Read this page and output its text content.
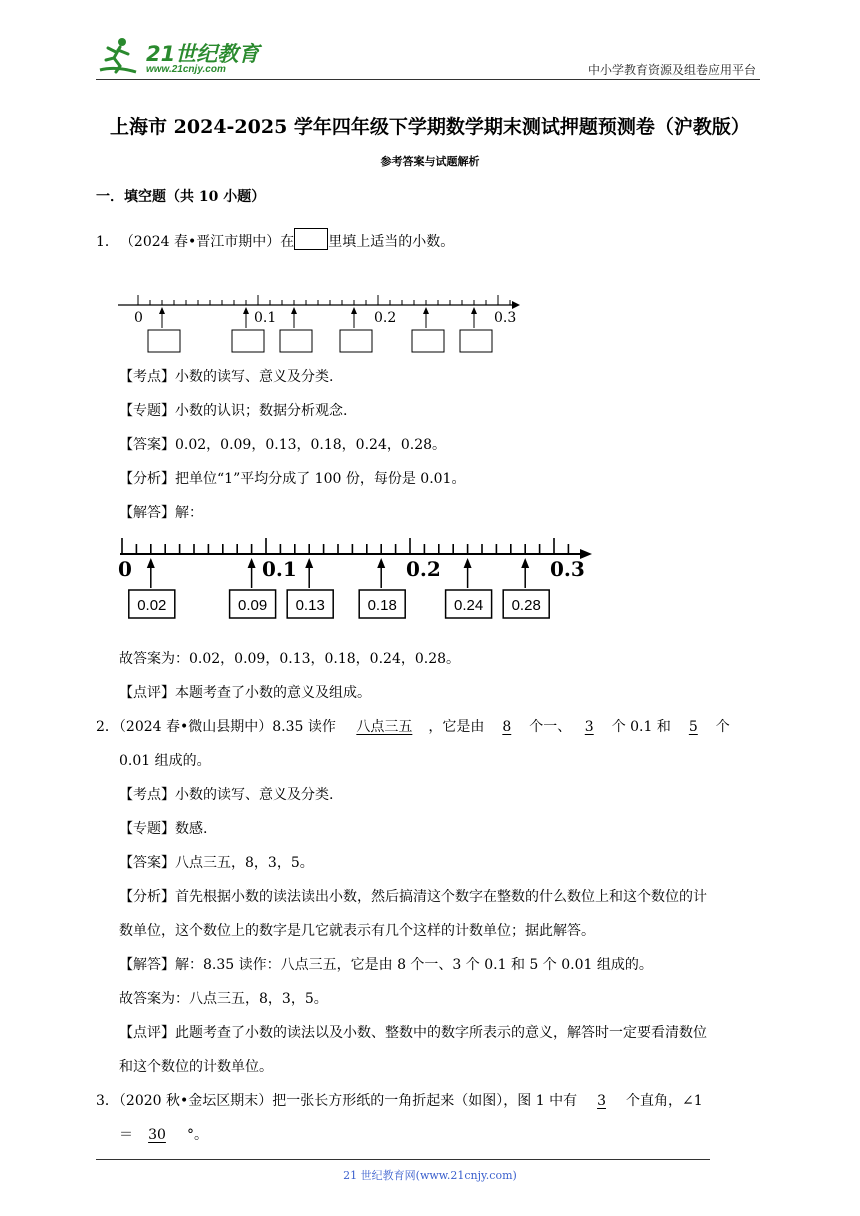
21世纪教育
www.21cnjy.com	中小学教育资源及组卷应用平台
上海市 2024-2025 学年四年级下学期数学期末测试押题预测卷（沪教版）
参考答案与试题解析
一．填空题（共 10 小题）
1． （2024 春•晋江市期中）在 里填上适当的小数。
0	0.1	0.2	0.3
【考点】小数的读写、意义及分类.
【专题】小数的认识；数据分析观念.
【答案】0.02，0.09，0.13，0.18，0.24，0.28。
【分析】把单位“1”平均分成了 100 份，每份是 0.01。
【解答】解：
0	0.1	0.2	0.3
0.02	0.09 0.13	0.18	0.24 0.28
故答案为：0.02，0.09，0.13，0.18，0.24，0.28。
【点评】本题考查了小数的意义及组成。
2．（2024 春•微山县期中）8.35 读作 八点三五 ，它是由 8 个一、 3 个 0.1 和 5 个
0.01 组成的。
【考点】小数的读写、意义及分类.
【专题】数感.
【答案】八点三五，8，3，5。
【分析】首先根据小数的读法读出小数，然后搞清这个数字在整数的什么数位上和这个数位的计
数单位，这个数位上的数字是几它就表示有几个这样的计数单位；据此解答。
【解答】解：8.35 读作：八点三五，它是由 8 个一、3 个 0.1 和 5 个 0.01 组成的。
故答案为：八点三五，8，3，5。
【点评】此题考查了小数的读法以及小数、整数中的数字所表示的意义，解答时一定要看清数位
和这个数位的计数单位。
3．（2020 秋•金坛区期末）把一张长方形纸的一角折起来（如图），图 1 中有 3 个直角，∠1
＝ 30 °。
21 世纪教育网(www.21cnjy.com)
